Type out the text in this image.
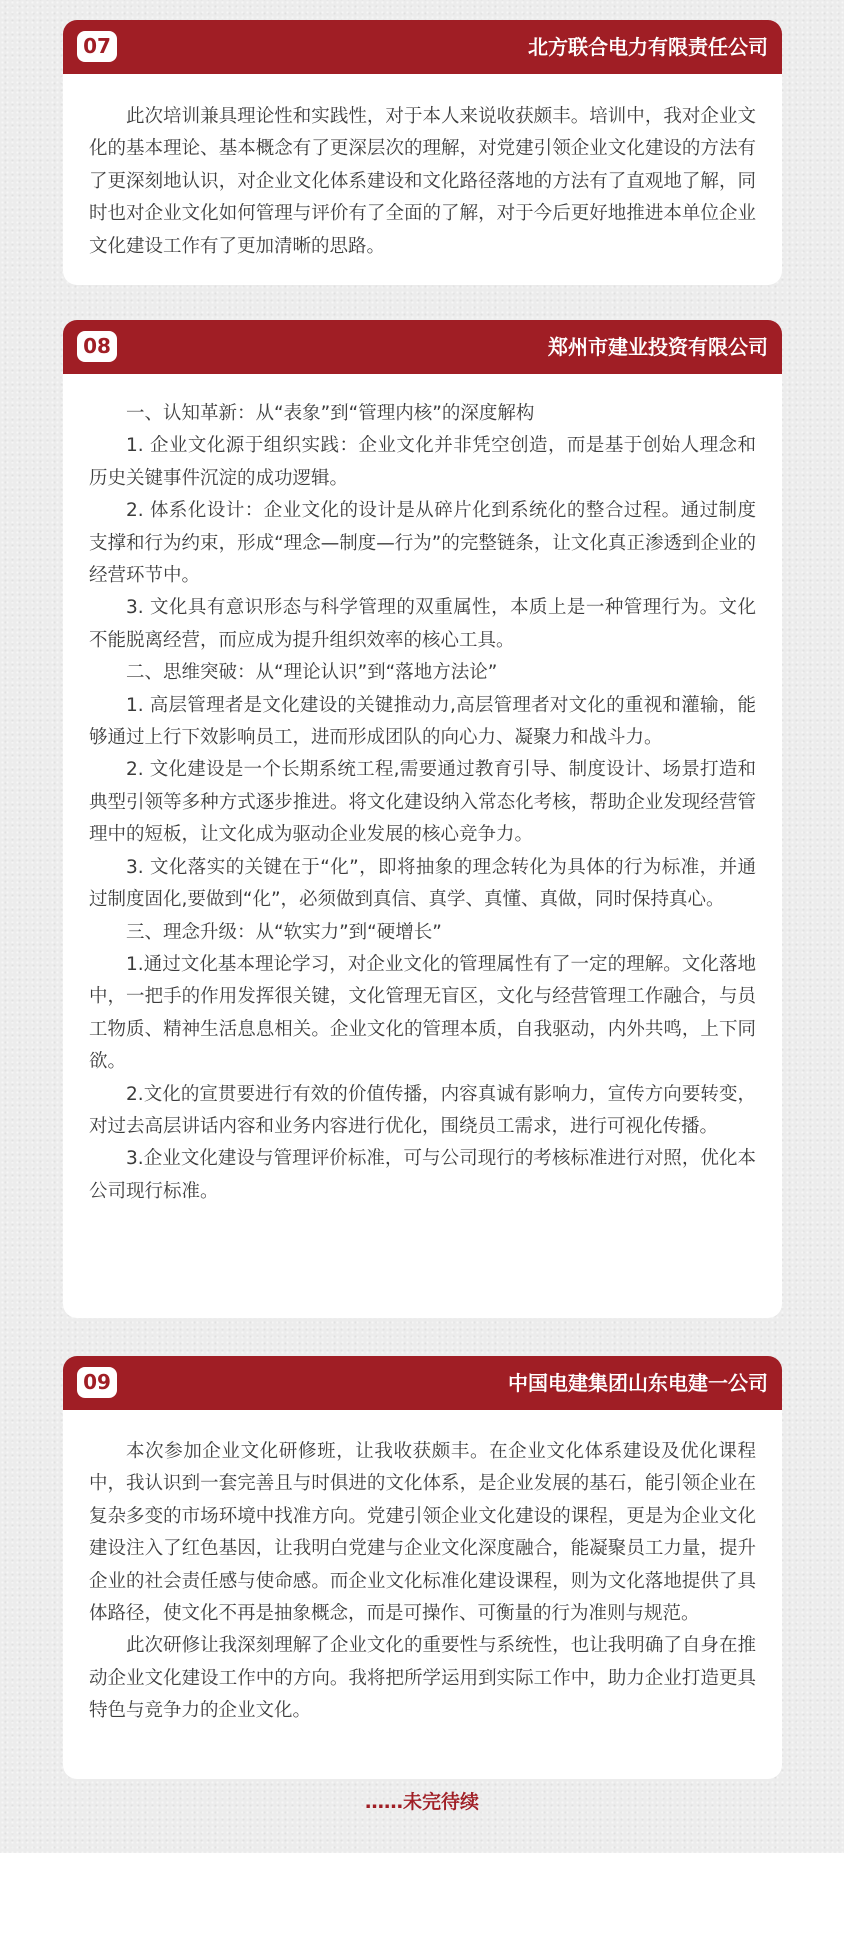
07	北方联合电力有限责任公司

此次培训兼具理论性和实践性，对于本人来说收获颇丰。培训中，我对企业文化的基本理论、基本概念有了更深层次的理解，对党建引领企业文化建设的方法有了更深刻地认识，对企业文化体系建设和文化路径落地的方法有了直观地了解，同时也对企业文化如何管理与评价有了全面的了解，对于今后更好地推进本单位企业文化建设工作有了更加清晰的思路。

08	郑州市建业投资有限公司

一、认知革新：从“表象”到“管理内核”的深度解构

1. 企业文化源于组织实践：企业文化并非凭空创造，而是基于创始人理念和历史关键事件沉淀的成功逻辑。

2. 体系化设计：企业文化的设计是从碎片化到系统化的整合过程。通过制度支撑和行为约束，形成“理念—制度—行为”的完整链条，让文化真正渗透到企业的经营环节中。

3. 文化具有意识形态与科学管理的双重属性，本质上是一种管理行为。文化不能脱离经营，而应成为提升组织效率的核心工具。

二、思维突破：从“理论认识”到“落地方法论”

1. 高层管理者是文化建设的关键推动力,高层管理者对文化的重视和灌输，能够通过上行下效影响员工，进而形成团队的向心力、凝聚力和战斗力。

2. 文化建设是一个长期系统工程,需要通过教育引导、制度设计、场景打造和典型引领等多种方式逐步推进。将文化建设纳入常态化考核，帮助企业发现经营管理中的短板，让文化成为驱动企业发展的核心竞争力。

3. 文化落实的关键在于“化”，即将抽象的理念转化为具体的行为标准，并通过制度固化,要做到“化”，必须做到真信、真学、真懂、真做，同时保持真心。

三、理念升级：从“软实力”到“硬增长”

1.通过文化基本理论学习，对企业文化的管理属性有了一定的理解。文化落地中，一把手的作用发挥很关键，文化管理无盲区，文化与经营管理工作融合，与员工物质、精神生活息息相关。企业文化的管理本质，自我驱动，内外共鸣，上下同欲。

2.文化的宣贯要进行有效的价值传播，内容真诚有影响力，宣传方向要转变，对过去高层讲话内容和业务内容进行优化，围绕员工需求，进行可视化传播。

3.企业文化建设与管理评价标准，可与公司现行的考核标准进行对照，优化本公司现行标准。

09	中国电建集团山东电建一公司

本次参加企业文化研修班，让我收获颇丰。在企业文化体系建设及优化课程中，我认识到一套完善且与时俱进的文化体系，是企业发展的基石，能引领企业在复杂多变的市场环境中找准方向。党建引领企业文化建设的课程，更是为企业文化建设注入了红色基因，让我明白党建与企业文化深度融合，能凝聚员工力量，提升企业的社会责任感与使命感。而企业文化标准化建设课程，则为文化落地提供了具体路径，使文化不再是抽象概念，而是可操作、可衡量的行为准则与规范。

此次研修让我深刻理解了企业文化的重要性与系统性，也让我明确了自身在推动企业文化建设工作中的方向。我将把所学运用到实际工作中，助力企业打造更具特色与竞争力的企业文化。

……未完待续
